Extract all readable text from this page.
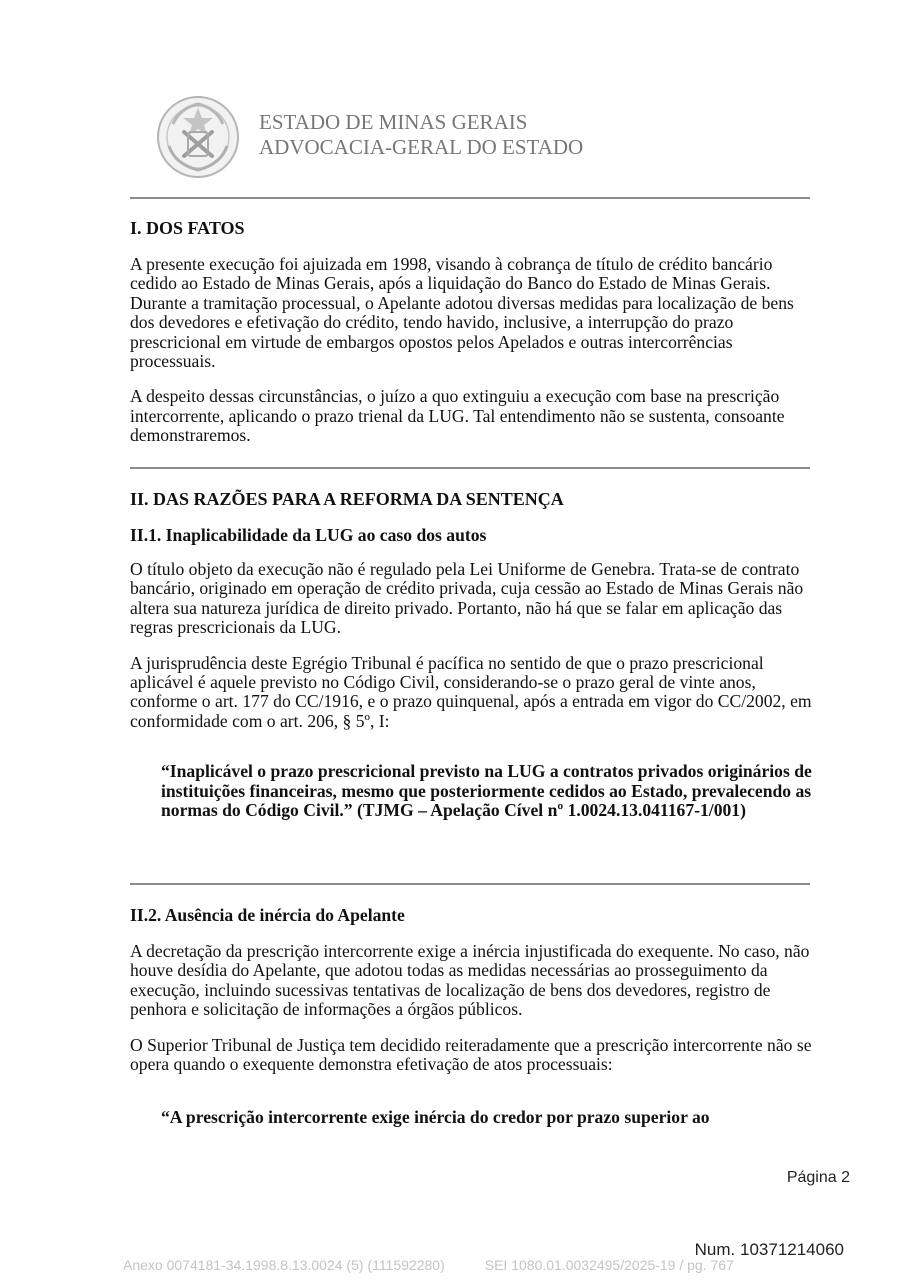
ESTADO DE MINAS GERAIS
ADVOCACIA-GERAL DO ESTADO
I. DOS FATOS

A presente execução foi ajuizada em 1998, visando à cobrança de título de crédito bancário cedido ao Estado de Minas Gerais, após a liquidação do Banco do Estado de Minas Gerais. Durante a tramitação processual, o Apelante adotou diversas medidas para localização de bens dos devedores e efetivação do crédito, tendo havido, inclusive, a interrupção do prazo prescricional em virtude de embargos opostos pelos Apelados e outras intercorrências processuais.

A despeito dessas circunstâncias, o juízo a quo extinguiu a execução com base na prescrição intercorrente, aplicando o prazo trienal da LUG. Tal entendimento não se sustenta, consoante demonstraremos.

II. DAS RAZÕES PARA A REFORMA DA SENTENÇA
II.1. Inaplicabilidade da LUG ao caso dos autos

O título objeto da execução não é regulado pela Lei Uniforme de Genebra. Trata-se de contrato bancário, originado em operação de crédito privada, cuja cessão ao Estado de Minas Gerais não altera sua natureza jurídica de direito privado. Portanto, não há que se falar em aplicação das regras prescricionais da LUG.

A jurisprudência deste Egrégio Tribunal é pacífica no sentido de que o prazo prescricional aplicável é aquele previsto no Código Civil, considerando-se o prazo geral de vinte anos, conforme o art. 177 do CC/1916, e o prazo quinquenal, após a entrada em vigor do CC/2002, em conformidade com o art. 206, § 5º, I:

“Inaplicável o prazo prescricional previsto na LUG a contratos privados originários de instituições financeiras, mesmo que posteriormente cedidos ao Estado, prevalecendo as normas do Código Civil.” (TJMG – Apelação Cível nº 1.0024.13.041167-1/001)

II.2. Ausência de inércia do Apelante

A decretação da prescrição intercorrente exige a inércia injustificada do exequente. No caso, não houve desídia do Apelante, que adotou todas as medidas necessárias ao prosseguimento da execução, incluindo sucessivas tentativas de localização de bens dos devedores, registro de penhora e solicitação de informações a órgãos públicos.

O Superior Tribunal de Justiça tem decidido reiteradamente que a prescrição intercorrente não se opera quando o exequente demonstra efetivação de atos processuais:

“A prescrição intercorrente exige inércia do credor por prazo superior ao

Página 2
Num. 10371214060
Anexo 0074181-34.1998.8.13.0024 (5) (111592280)	SEI 1080.01.0032495/2025-19 / pg. 767
